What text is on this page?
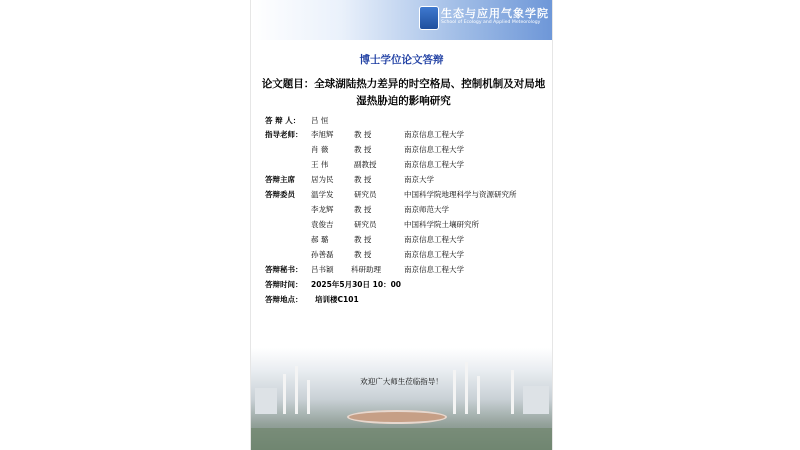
生态与应用气象学院
School of Ecology and Applied Meteorology
博士学位论文答辩
论文题目：全球湖陆热力差异的时空格局、控制机制及对局地
湿热胁迫的影响研究
答 辩 人： 吕 恒
指导老师： 李旭辉	教 授	南京信息工程大学
肖 薇	教 授	南京信息工程大学
王 伟	副教授	南京信息工程大学
答辩主席 居为民	教 授	南京大学
答辩委员 温学发	研究员	中国科学院地理科学与资源研究所
李龙辉	教 授	南京师范大学
袁俊吉	研究员	中国科学院土壤研究所
郝 璐	教 授	南京信息工程大学
孙善磊	教 授	南京信息工程大学
答辩秘书： 吕书颖 科研助理	南京信息工程大学
答辩时间： 2025年5月30日 10：00
答辩地点： 培训楼C101
欢迎广大师生莅临指导！
